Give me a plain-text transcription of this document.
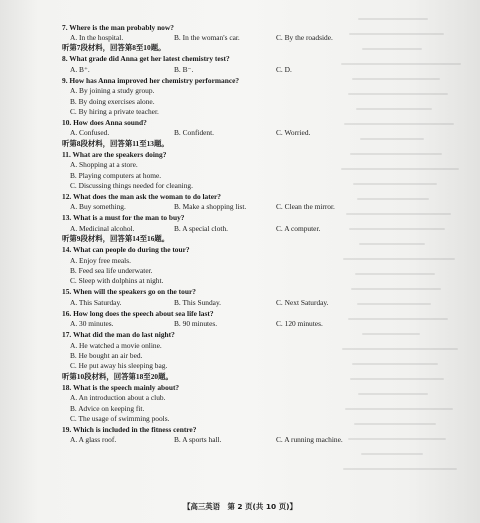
7. Where is the man probably now?
A. In the hospital.	B. In the woman's car.	C. By the roadside.
听第7段材料，回答第8至10题。
8. What grade did Anna get her latest chemistry test?
A. B⁺.	B. B⁻.	C. D.
9. How has Anna improved her chemistry performance?
A. By joining a study group.
B. By doing exercises alone.
C. By hiring a private teacher.
10. How does Anna sound?
A. Confused.	B. Confident.	C. Worried.
听第8段材料，回答第11至13题。
11. What are the speakers doing?
A. Shopping at a store.
B. Playing computers at home.
C. Discussing things needed for cleaning.
12. What does the man ask the woman to do later?
A. Buy something.	B. Make a shopping list.	C. Clean the mirror.
13. What is a must for the man to buy?
A. Medicinal alcohol.	B. A special cloth.	C. A computer.
听第9段材料，回答第14至16题。
14. What can people do during the tour?
A. Enjoy free meals.
B. Feed sea life underwater.
C. Sleep with dolphins at night.
15. When will the speakers go on the tour?
A. This Saturday.	B. This Sunday.	C. Next Saturday.
16. How long does the speech about sea life last?
A. 30 minutes.	B. 90 minutes.	C. 120 minutes.
17. What did the man do last night?
A. He watched a movie online.
B. He bought an air bed.
C. He put away his sleeping bag.
听第10段材料，回答第18至20题。
18. What is the speech mainly about?
A. An introduction about a club.
B. Advice on keeping fit.
C. The usage of swimming pools.
19. Which is included in the fitness centre?
A. A glass roof.	B. A sports hall.	C. A running machine.
【高三英语　第 2 页(共 10 页)】
